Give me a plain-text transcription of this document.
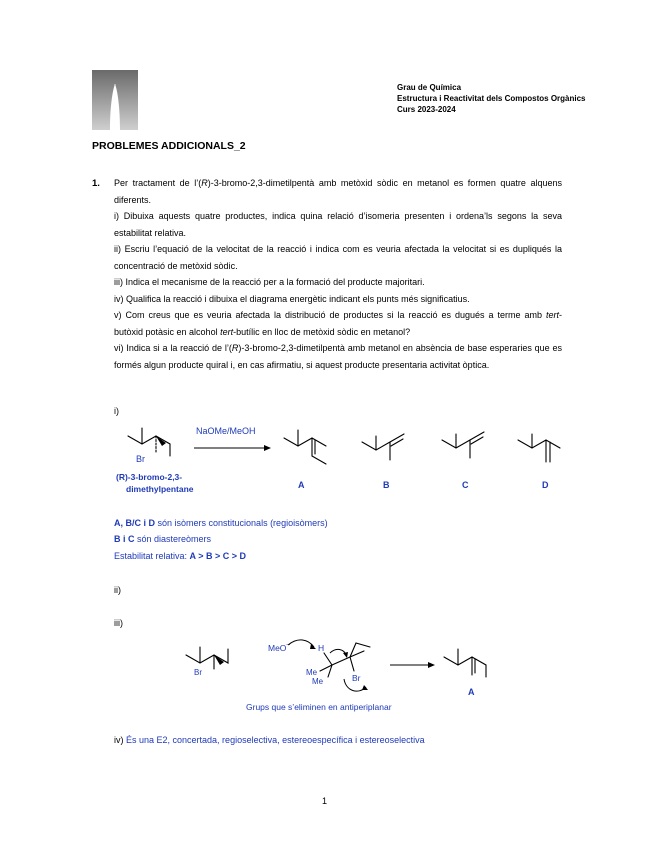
Grau de Química
Estructura i Reactivitat dels Compostos Orgànics
Curs 2023-2024
PROBLEMES ADDICIONALS_2
1. Per tractament de l’(R)-3-bromo-2,3-dimetilpentà amb metòxid sòdic en metanol es formen quatre alquens diferents.

i) Dibuixa aquests quatre productes, indica quina relació d’isomeria presenten i ordena’ls segons la seva estabilitat relativa.

ii) Escriu l’equació de la velocitat de la reacció i indica com es veuria afectada la velocitat si es dupliqués la concentració de metòxid sòdic.

iii) Indica el mecanisme de la reacció per a la formació del producte majoritari.

iv) Qualifica la reacció i dibuixa el diagrama energètic indicant els punts més significatius.

v) Com creus que es veuria afectada la distribució de productes si la reacció es dugués a terme amb tert-butòxid potàsic en alcohol tert-butílic en lloc de metòxid sòdic en metanol?

vi) Indica si a la reacció de l’(R)-3-bromo-2,3-dimetilpentà amb metanol en absència de base esperaries que es formés algun producte quiral i, en cas afirmatiu, si aquest producte presentaria activitat òptica.

i)
Br
(R)-3-bromo-2,3-
dimethylpentane
NaOMe/MeOH
A	B	C	D
A, B/C i D són isòmers constitucionals (regioisòmers)
B i C són diastereòmers
Estabilitat relativa: A > B > C > D
ii)
iii)
Br
MeO −	H
Me
Me	Br
A
Grups que s’eliminen en antiperiplanar
iv) És una E2, concertada, regioselectiva, estereoespecífica i estereoselectiva
1
